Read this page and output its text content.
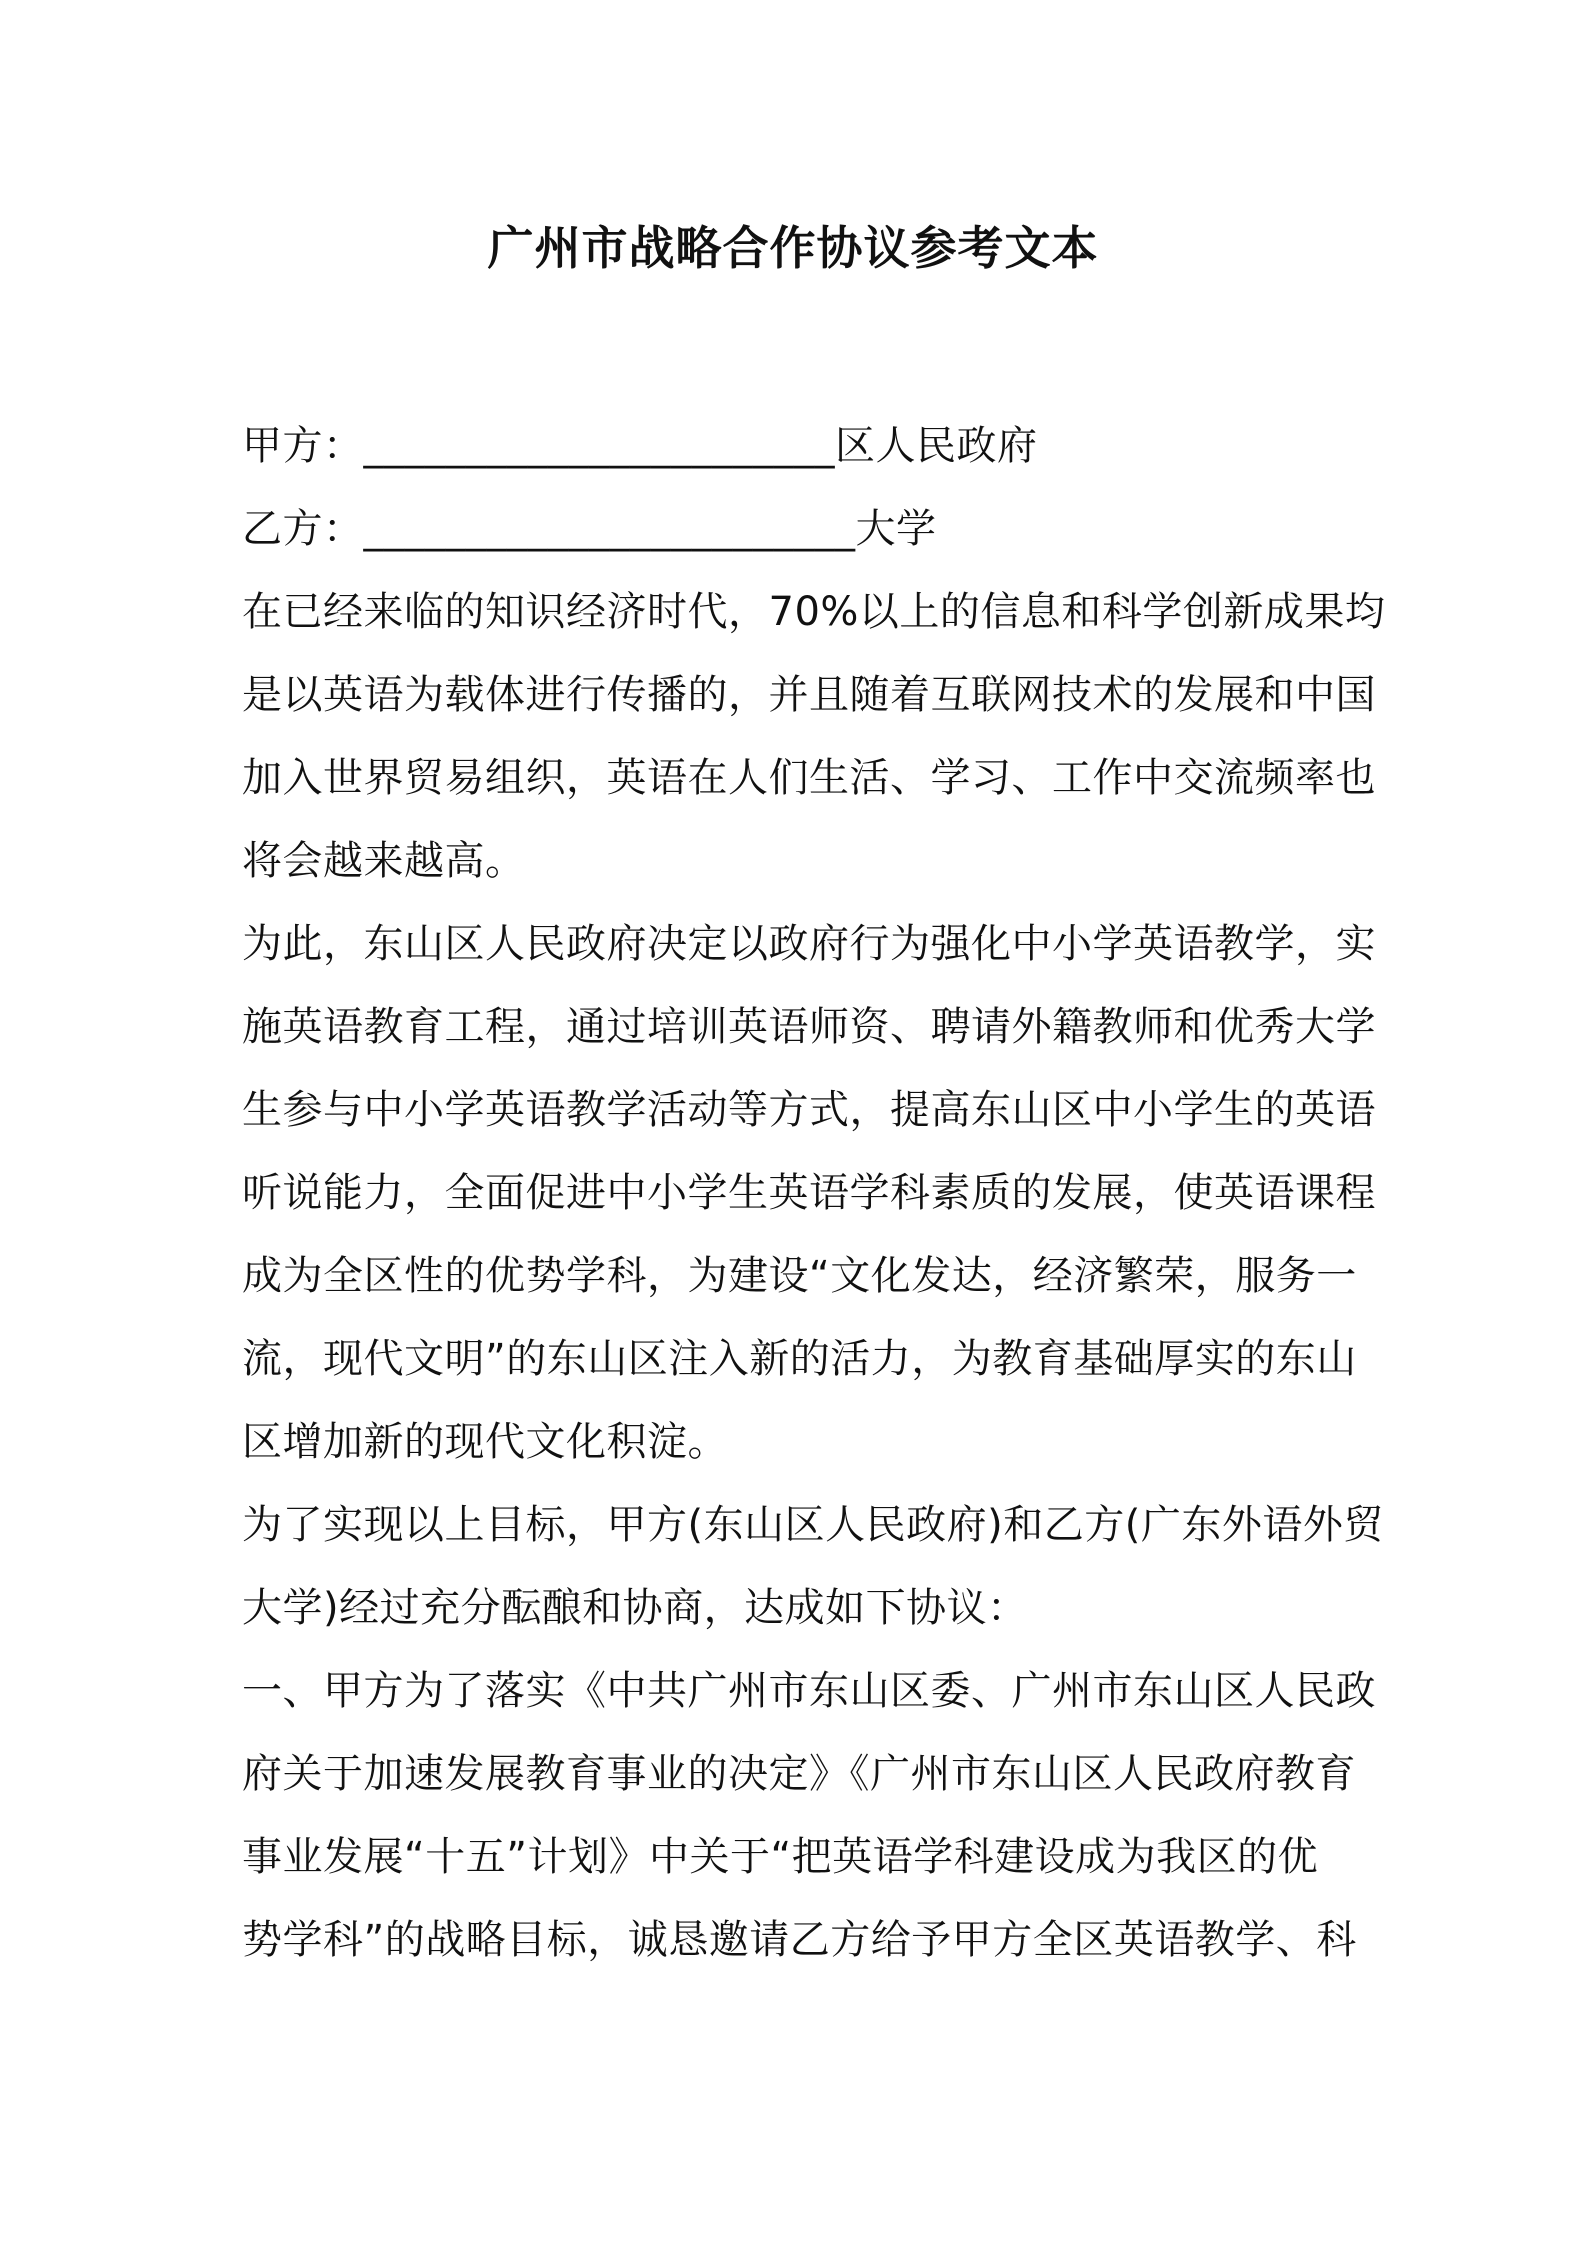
广州市战略合作协议参考文本
甲方：_______________________区人民政府
乙方：________________________大学
在已经来临的知识经济时代，70%以上的信息和科学创新成果均
是以英语为载体进行传播的，并且随着互联网技术的发展和中国
加入世界贸易组织，英语在人们生活、学习、工作中交流频率也
将会越来越高。
为此，东山区人民政府决定以政府行为强化中小学英语教学，实
施英语教育工程，通过培训英语师资、聘请外籍教师和优秀大学
生参与中小学英语教学活动等方式，提高东山区中小学生的英语
听说能力，全面促进中小学生英语学科素质的发展，使英语课程
成为全区性的优势学科，为建设“文化发达，经济繁荣，服务一
流，现代文明”的东山区注入新的活力，为教育基础厚实的东山
区增加新的现代文化积淀。
为了实现以上目标，甲方(东山区人民政府)和乙方(广东外语外贸
大学)经过充分酝酿和协商，达成如下协议：
一、甲方为了落实《中共广州市东山区委、广州市东山区人民政
府关于加速发展教育事业的决定》《广州市东山区人民政府教育
事业发展“十五”计划》中关于“把英语学科建设成为我区的优
势学科”的战略目标，诚恳邀请乙方给予甲方全区英语教学、科
